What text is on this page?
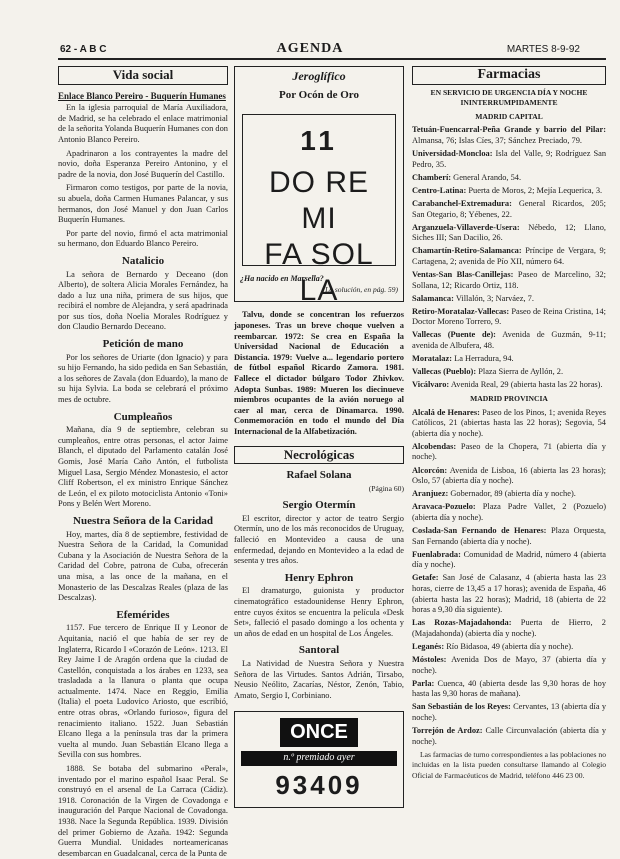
62 - A B C	AGENDA	MARTES 8-9-92
Vida social
Enlace Blanco Pereiro - Buquerín Humanes

En la iglesia parroquial de María Auxiliadora, de Madrid, se ha celebrado el enlace matrimonial de la señorita Yolanda Buquerín Humanes con don Antonio Blanco Pereiro.

Apadrinaron a los contrayentes la madre del novio, doña Esperanza Pereiro Antonino, y el padre de la novia, don José Buquerín del Castillo.

Firmaron como testigos, por parte de la novia, su abuela, doña Carmen Humanes Palancar, y sus hermanos, don José Manuel y don Juan Carlos Buquerín Humanes.

Por parte del novio, firmó el acta matrimonial su hermano, don Eduardo Blanco Pereiro.

Natalicio

La señora de Bernardo y Deceano (don Alberto), de soltera Alicia Morales Fernández, ha dado a luz una niña, primera de sus hijos, que recibirá el nombre de Alejandra, y será apadrinada por sus tíos, doña Noelia Morales Rodríguez y don Claudio Bernardo Deceano.

Petición de mano

Por los señores de Uriarte (don Ignacio) y para su hijo Fernando, ha sido pedida en San Sebastián, a los señores de Zavala (don Eduardo), la mano de su hija Sylvia. La boda se celebrará el próximo mes de octubre.

Cumpleaños

Mañana, día 9 de septiembre, celebran su cumpleaños, entre otras personas, el actor Jaime Blanch, el diputado del Parlamento catalán José Gomis, José María Caño Antón, el futbolista Miguel Lasa, Sergio Méndez Monastesio, el actor Cliff Robertson, el ex ministro Enrique Sánchez de León, el ex piloto motociclista Antonio «Toni» Pons y Belén Wert Moreno.

Nuestra Señora de la Caridad

Hoy, martes, día 8 de septiembre, festividad de Nuestra Señora de la Caridad, la Comunidad Cubana y la Asociación de Nuestra Señora de la Caridad del Cobre, patrona de Cuba, ofrecerán una misa, a las once de la mañana, en el Monasterio de las Descalzas Reales (plaza de las Descalzas).

Efemérides

1157. Fue tercero de Enrique II y Leonor de Aquitania, nació el que había de ser rey de Inglaterra, Ricardo I «Corazón de León». 1213. El Rey Jaime I de Aragón ordena que la ciudad de Castellón, conquistada a los árabes en 1233, sea trasladada a la llanura o planta que ocupa actualmente. 1474. Nace en Reggio, Emilia (Italia) el poeta Ludovico Ariosto, que escribió, entre otras obras, «Orlando furioso», figura del renacimiento italiano. 1522. Juan Sebastián Elcano llega a la península tras dar la primera vuelta al mundo. Juan Sebastián Elcano llega a Sevilla con sus hombres.

1888. Se botaba del submarino «Peral», inventado por el marino español Isaac Peral. Se construyó en el arsenal de La Carraca (Cádiz). 1918. Coronación de la Virgen de Covadonga e inauguración del Parque Nacional de Covadonga. 1938. Nace la Segunda República. 1939. División del primer Gobierno de Azaña. 1942: Segunda Guerra Mundial. Unidades norteamericanas desembarcan en Guadalcanal, cerca de la Punta de

Jeroglífico
Por Ocón de Oro
11
DO RE MI
FA SOL LA
¿Ha nacido en Marsella?
(La solución, en pág. 59)

Talvu, donde se concentran los refuerzos japoneses. Tras un breve choque vuelven a reembarcar. 1972: Se crea en España la Universidad Nacional de Educación a Distancia. 1979: Vuelve a... legendario portero de fútbol español Ricardo Zamora. 1981. Fallece el dictador búlgaro Todor Zhivkov. Adopta Sunbas. 1989: Mueren los diecinueve miembros ocupantes de la avión noruego al caer al mar, cerca de Dinamarca. 1990. Conmemoración en todo el mundo del Día Internacional de la Alfabetización.

Necrológicas
Rafael Solana
(Página 60)
Sergio Otermín

El escritor, director y actor de teatro Sergio Otermín, uno de los más reconocidos de Uruguay, falleció en Montevideo a causa de una enfermedad, dejando en Montevideo a la edad de sesenta y tres años.

Henry Ephron

El dramaturgo, guionista y productor cinematográfico estadounidense Henry Ephron, entre cuyos éxitos se encuentra la película «Desk Set», falleció el pasado domingo a los ochenta y un años de edad en un hospital de Los Ángeles.

Santoral

La Natividad de Nuestra Señora y Nuestra Señora de las Virtudes. Santos Adrián, Tirsabo, Neusio Neólito, Zacarías, Néstor, Zenón, Tabio, Amato, Sergio I, Corbiniano.

ONCE
n.º premiado ayer
93409
Farmacias
EN SERVICIO DE URGENCIA DÍA Y NOCHE ININTERRUMPIDAMENTE
MADRID CAPITAL
Tetuán-Fuencarral-Peña Grande y barrio del Pilar: Almansa, 76; Islas Cíes, 37; Sánchez Preciado, 79.
Universidad-Moncloa: Isla del Valle, 9; Rodríguez San Pedro, 35.
Chamberí: General Arando, 54.
Centro-Latina: Puerta de Moros, 2; Mejía Lequerica, 3.
Carabanchel-Extremadura: General Ricardos, 205; San Otegario, 8; Yébenes, 22.
Arganzuela-Villaverde-Usera: Nébedo, 12; Llano, Siches III; San Dacilio, 26.
Chamartín-Retiro-Salamanca: Príncipe de Vergara, 9; Cartagena, 2; avenida de Pío XII, número 64.
Ventas-San Blas-Canillejas: Paseo de Marcelino, 32; Sollana, 12; Ricardo Ortiz, 118.
Salamanca: Villalón, 3; Narváez, 7.
Retiro-Moratalaz-Vallecas: Paseo de Reina Cristina, 14; Doctor Moreno Torrero, 9.
Vallecas (Puente de): Avenida de Guzmán, 9-11; avenida de Albufera, 48.
Moratalaz: La Herradura, 94.
Vallecas (Pueblo): Plaza Sierra de Ayllón, 2.
Vicálvaro: Avenida Real, 29 (abierta hasta las 22 horas).
MADRID PROVINCIA
Alcalá de Henares: Paseo de los Pinos, 1; avenida Reyes Católicos, 21 (abiertas hasta las 22 horas); Segovia, 54 (abierta día y noche).
Alcobendas: Paseo de la Chopera, 71 (abierta día y noche).
Alcorcón: Avenida de Lisboa, 16 (abierta las 23 horas); Oslo, 57 (abierta día y noche).
Aranjuez: Gobernador, 89 (abierta día y noche).
Aravaca-Pozuelo: Plaza Padre Vallet, 2 (Pozuelo) (abierta día y noche).
Coslada-San Fernando de Henares: Plaza Orquesta, San Fernando (abierta día y noche).
Fuenlabrada: Comunidad de Madrid, número 4 (abierta día y noche).
Getafe: San José de Calasanz, 4 (abierta hasta las 23 horas, cierre de 13,45 a 17 horas); avenida de España, 46 (abierta hasta las 22 horas); Madrid, 18 (abierta de 22 horas a 9,30 día siguiente).
Las Rozas-Majadahonda: Puerta de Hierro, 2 (Majadahonda) (abierta día y noche).
Leganés: Río Bidasoa, 49 (abierta día y noche).
Móstoles: Avenida Dos de Mayo, 37 (abierta día y noche).
Parla: Cuenca, 40 (abierta desde las 9,30 horas de hoy hasta las 9,30 horas de mañana).
San Sebastián de los Reyes: Cervantes, 13 (abierta día y noche).
Torrejón de Ardoz: Calle Circunvalación (abierta día y noche).

Las farmacias de turno correspondientes a las poblaciones no incluidas en la lista pueden consultarse llamando al Colegio Oficial de Farmacéuticos de Madrid, teléfono 446 23 00.
